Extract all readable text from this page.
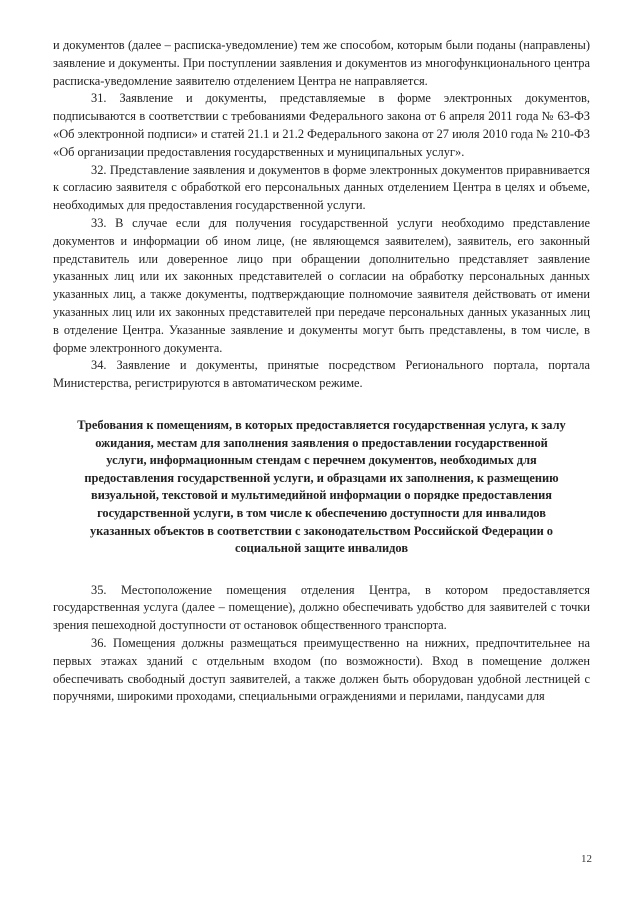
и документов (далее – расписка-уведомление) тем же способом, которым были поданы (направлены) заявление и документы. При поступлении заявления и документов из многофункционального центра расписка-уведомление заявителю отделением Центра не направляется.

31. Заявление и документы, представляемые в форме электронных документов, подписываются в соответствии с требованиями Федерального закона от 6 апреля 2011 года № 63-ФЗ «Об электронной подписи» и статей 21.1 и 21.2 Федерального закона от 27 июля 2010 года № 210-ФЗ «Об организации предоставления государственных и муниципальных услуг».

32. Представление заявления и документов в форме электронных документов приравнивается к согласию заявителя с обработкой его персональных данных отделением Центра в целях и объеме, необходимых для предоставления государственной услуги.

33. В случае если для получения государственной услуги необходимо представление документов и информации об ином лице, (не являющемся заявителем), заявитель, его законный представитель или доверенное лицо при обращении дополнительно представляет заявление указанных лиц или их законных представителей о согласии на обработку персональных данных указанных лиц, а также документы, подтверждающие полномочие заявителя действовать от имени указанных лиц или их законных представителей при передаче персональных данных указанных лиц в отделение Центра. Указанные заявление и документы могут быть представлены, в том числе, в форме электронного документа.

34. Заявление и документы, принятые посредством Регионального портала, портала Министерства, регистрируются в автоматическом режиме.

Требования к помещениям, в которых предоставляется государственная услуга, к залу ожидания, местам для заполнения заявления о предоставлении государственной услуги, информационным стендам с перечнем документов, необходимых для предоставления государственной услуги, и образцами их заполнения, к размещению визуальной, текстовой и мультимедийной информации о порядке предоставления государственной услуги, в том числе к обеспечению доступности для инвалидов указанных объектов в соответствии с законодательством Российской Федерации о социальной защите инвалидов

35. Местоположение помещения отделения Центра, в котором предоставляется государственная услуга (далее – помещение), должно обеспечивать удобство для заявителей с точки зрения пешеходной доступности от остановок общественного транспорта.

36. Помещения должны размещаться преимущественно на нижних, предпочтительнее на первых этажах зданий с отдельным входом (по возможности). Вход в помещение должен обеспечивать свободный доступ заявителей, а также должен быть оборудован удобной лестницей с поручнями, широкими проходами, специальными ограждениями и перилами, пандусами для

12
